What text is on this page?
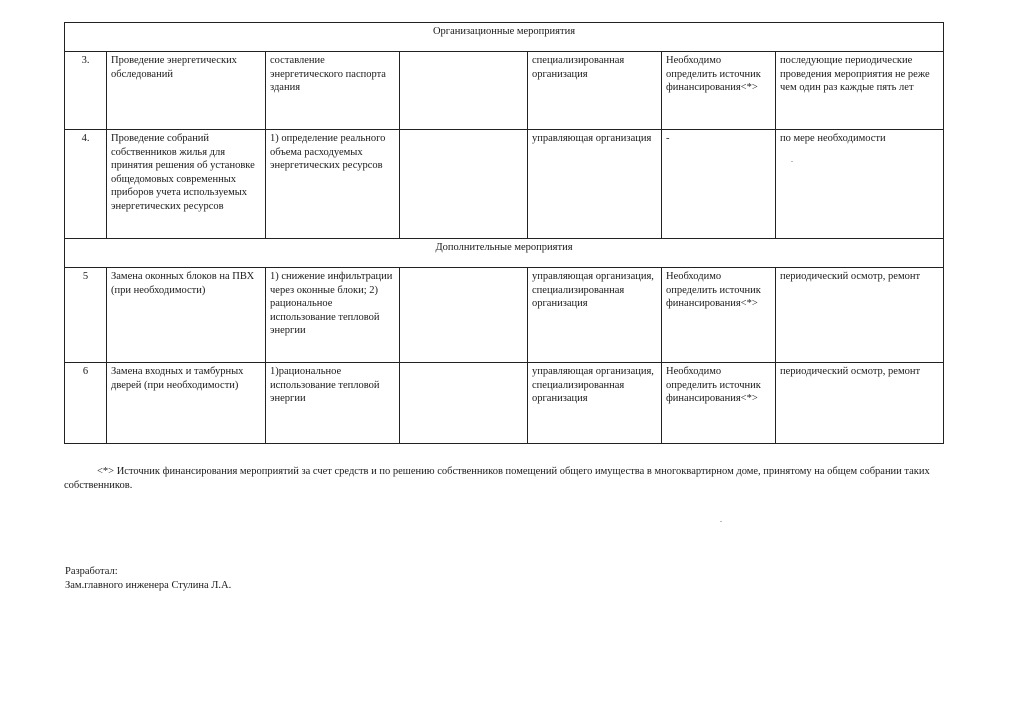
Организационные мероприятия						
3.	Проведение энергетических обследований	составление энергетического паспорта здания		специализированная организация	Необходимо определить источник финансирования<*>	последующие периодические проведения мероприятия не реже чем один раз каждые пять лет
4.	Проведение собраний собственников жилья для принятия решения об установке общедомовых современных приборов учета используемых энергетических ресурсов	1) определение реального объема расходуемых энергетических ресурсов		управляющая организация	-	по мере необходимости
Дополнительные мероприятия						
5	Замена оконных блоков на ПВХ (при необходимости)	1) снижение инфильтрации через оконные блоки; 2) рациональное использование тепловой энергии		управляющая организация, специализированная организация	Необходимо определить источник финансирования<*>	периодический осмотр, ремонт
6	Замена входных и тамбурных дверей (при необходимости)	1)рациональное использование тепловой энергии		управляющая организация, специализированная организация	Необходимо определить источник финансирования<*>	периодический осмотр, ремонт
<*> Источник финансирования мероприятий за счет средств и по решению собственников помещений общего имущества в многоквартирном доме, принятому на общем собрании таких собственников.
Разработал:
Зам.главного инженера Стулина Л.А.
